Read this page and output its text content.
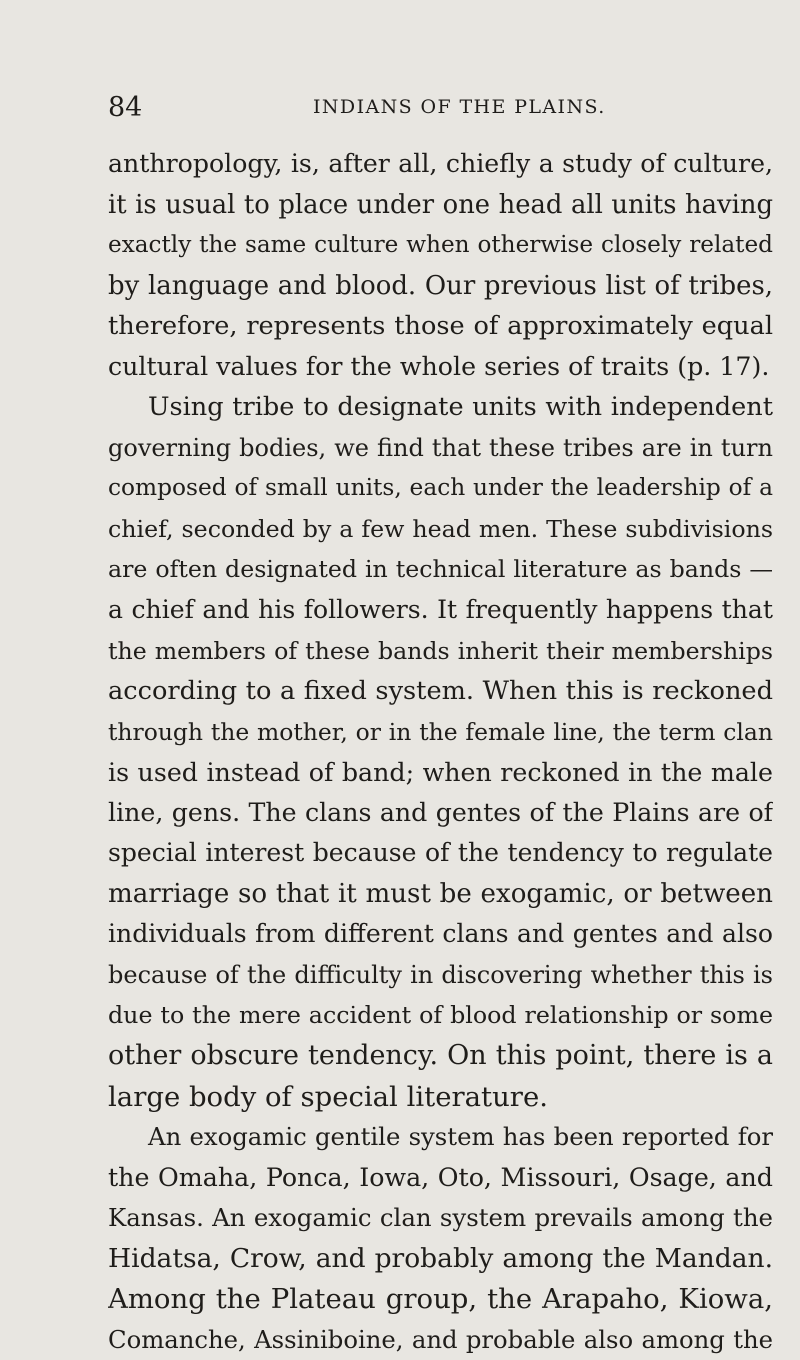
84	INDIANS OF THE PLAINS.
anthropology, is, after all, chiefly a study of culture,
it is usual to place under one head all units having
exactly the same culture when otherwise closely related
by language and blood. Our previous list of tribes,
therefore, represents those of approximately equal
cultural values for the whole series of traits (p. 17).
Using tribe to designate units with independent
governing bodies, we find that these tribes are in turn
composed of small units, each under the leadership of a
chief, seconded by a few head men. These subdivisions
are often designated in technical literature as bands —
a chief and his followers. It frequently happens that
the members of these bands inherit their memberships
according to a fixed system. When this is reckoned
through the mother, or in the female line, the term clan
is used instead of band; when reckoned in the male
line, gens. The clans and gentes of the Plains are of
special interest because of the tendency to regulate
marriage so that it must be exogamic, or between
individuals from different clans and gentes and also
because of the difficulty in discovering whether this is
due to the mere accident of blood relationship or some
other obscure tendency. On this point, there is a
large body of special literature.
An exogamic gentile system has been reported for
the Omaha, Ponca, Iowa, Oto, Missouri, Osage, and
Kansas. An exogamic clan system prevails among the
Hidatsa, Crow, and probably among the Mandan.
Among the Plateau group, the Arapaho, Kiowa,
Comanche, Assiniboine, and probable also among the
